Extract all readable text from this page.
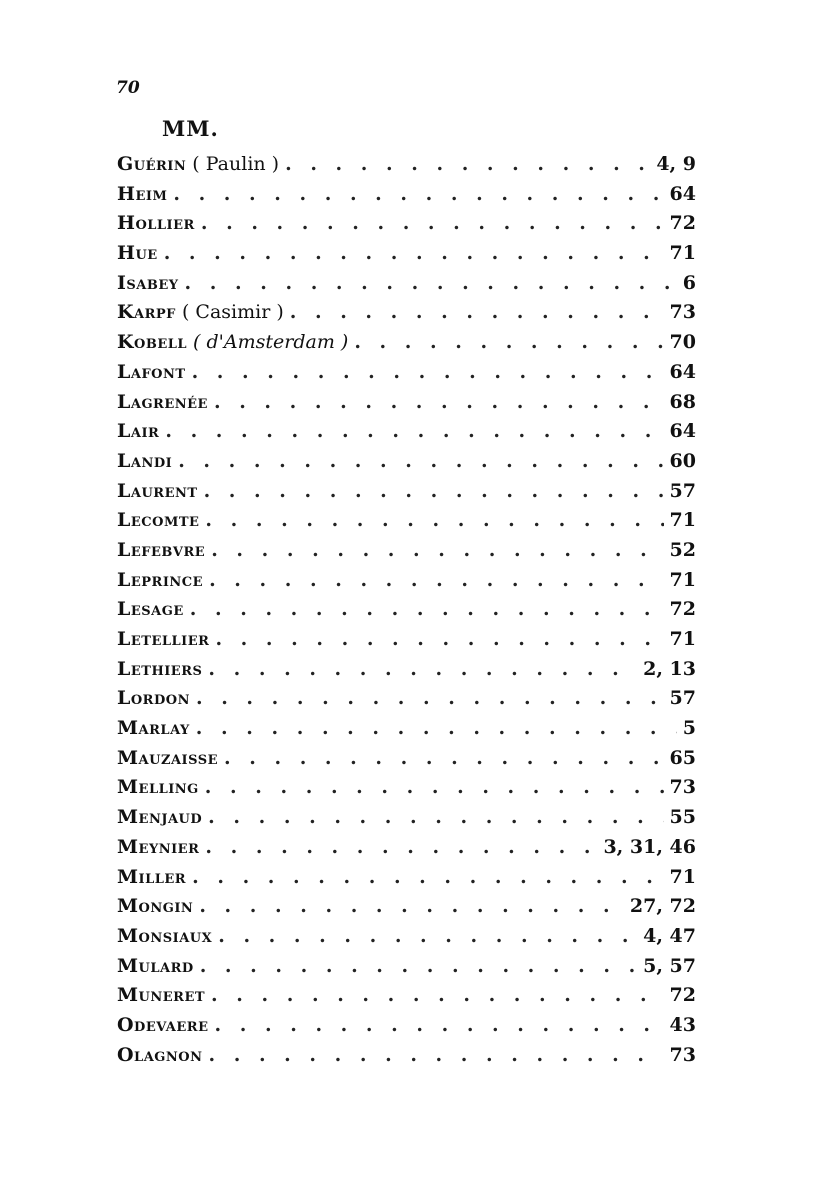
70
MM.
Guérin ( Paulin ) . . .	4, 9
Heim . . .	64
Hollier . . .	72
Hue . . .	71
Isabey . . .	6
Karpf ( Casimir ) . . .	73
Kobell ( d'Amsterdam ) . . .	70
Lafont . . .	64
Lagrenée . . .	68
Lair . . .	64
Landi . . .	60
Laurent . . .	57
Lecomte . . .	71
Lefebvre . . .	52
Leprince . . .	71
Lesage . . .	72
Letellier . . .	71
Lethiers . . .	2, 13
Lordon . . .	57
Marlay . . .	5
Mauzaisse . . .	65
Melling . . .	73
Menjaud . . .	55
Meynier . . .	3, 31, 46
Miller . . .	71
Mongin . . .	27, 72
Monsiaux . . .	4, 47
Mulard . . .	5, 57
Muneret . . .	72
Odevaere . . .	43
Olagnon . . .	73
